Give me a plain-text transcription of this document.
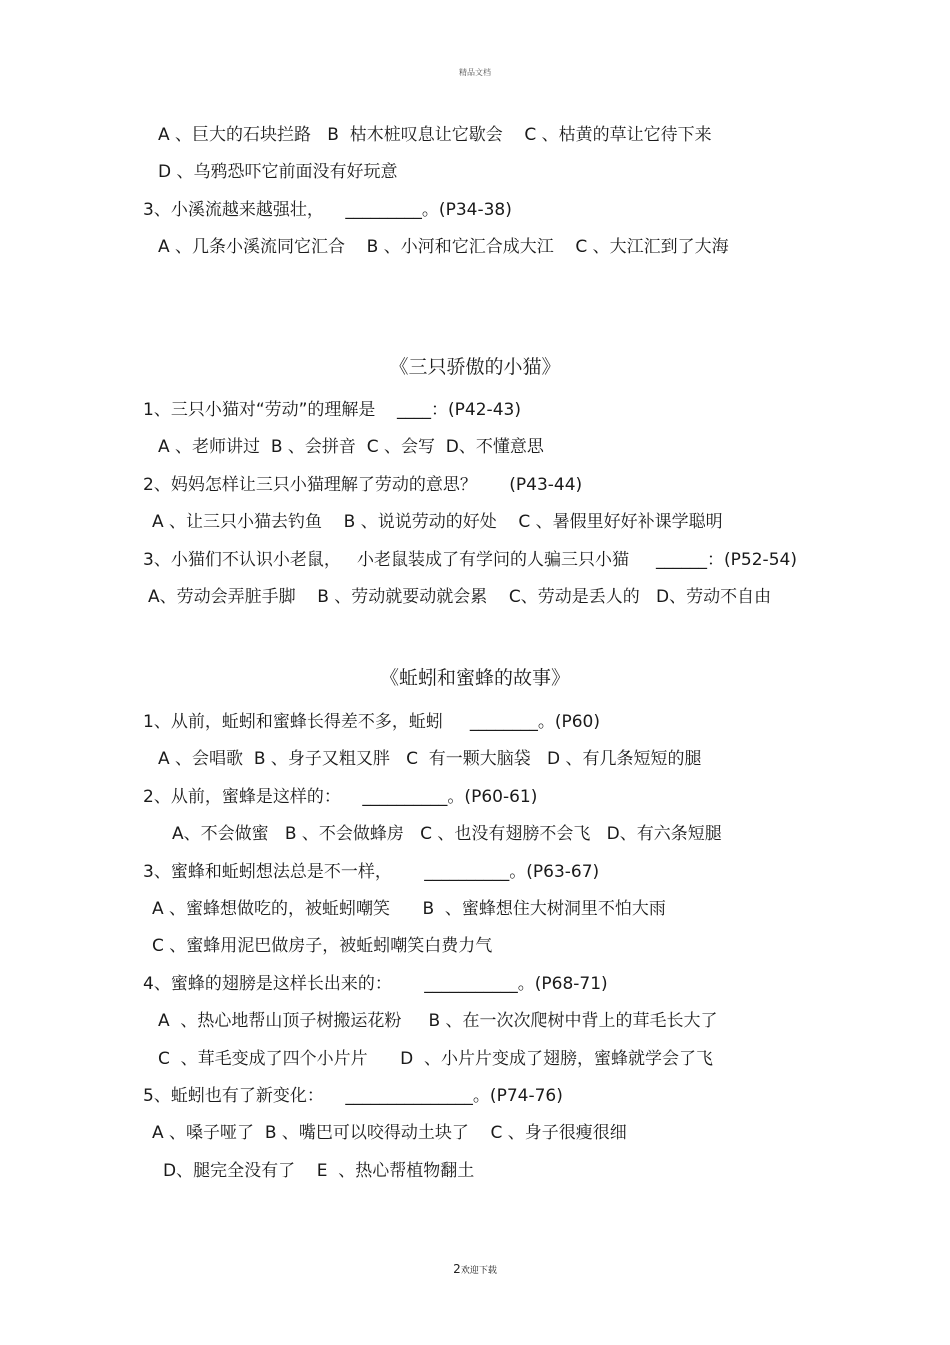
精品文档
A 、巨大的石块拦路   B  枯木桩叹息让它歇会    C 、枯黄的草让它待下来
D 、乌鸦恐吓它前面没有好玩意
3、小溪流越来越强壮，    _________。(P34-38)
A 、几条小溪流同它汇合    B 、小河和它汇合成大江    C 、大江汇到了大海
《三只骄傲的小猫》
1、三只小猫对“劳动”的理解是    ____：(P42-43)
A 、老师讲过  B 、会拼音  C 、会写  D、不懂意思
2、妈妈怎样让三只小猫理解了劳动的意思？      (P43-44)
A 、让三只小猫去钓鱼    B 、说说劳动的好处    C 、暑假里好好补课学聪明
3、小猫们不认识小老鼠，   小老鼠装成了有学问的人骗三只小猫     ______：(P52-54)
A、劳动会弄脏手脚    B 、劳动就要动就会累    C、劳动是丢人的   D、劳动不自由
《蚯蚓和蜜蜂的故事》
1、从前，蚯蚓和蜜蜂长得差不多，蚯蚓     ________。(P60)
A 、会唱歌  B 、身子又粗又胖   C  有一颗大脑袋   D 、有几条短短的腿
2、从前，蜜蜂是这样的：    __________。(P60-61)
A、不会做蜜   B 、不会做蜂房   C 、也没有翅膀不会飞   D、有六条短腿
3、蜜蜂和蚯蚓想法总是不一样，      __________。(P63-67)
A 、蜜蜂想做吃的，被蚯蚓嘲笑      B  、蜜蜂想住大树洞里不怕大雨
C 、蜜蜂用泥巴做房子，被蚯蚓嘲笑白费力气
4、蜜蜂的翅膀是这样长出来的：      ___________。(P68-71)
A  、热心地帮山顶子树搬运花粉     B 、在一次次爬树中背上的茸毛长大了
C  、茸毛变成了四个小片片      D  、小片片变成了翅膀，蜜蜂就学会了飞
5、蚯蚓也有了新变化：    _______________。(P74-76)
A 、嗓子哑了  B 、嘴巴可以咬得动土块了    C 、身子很瘦很细
D、腿完全没有了    E  、热心帮植物翻土
2欢迎下载
